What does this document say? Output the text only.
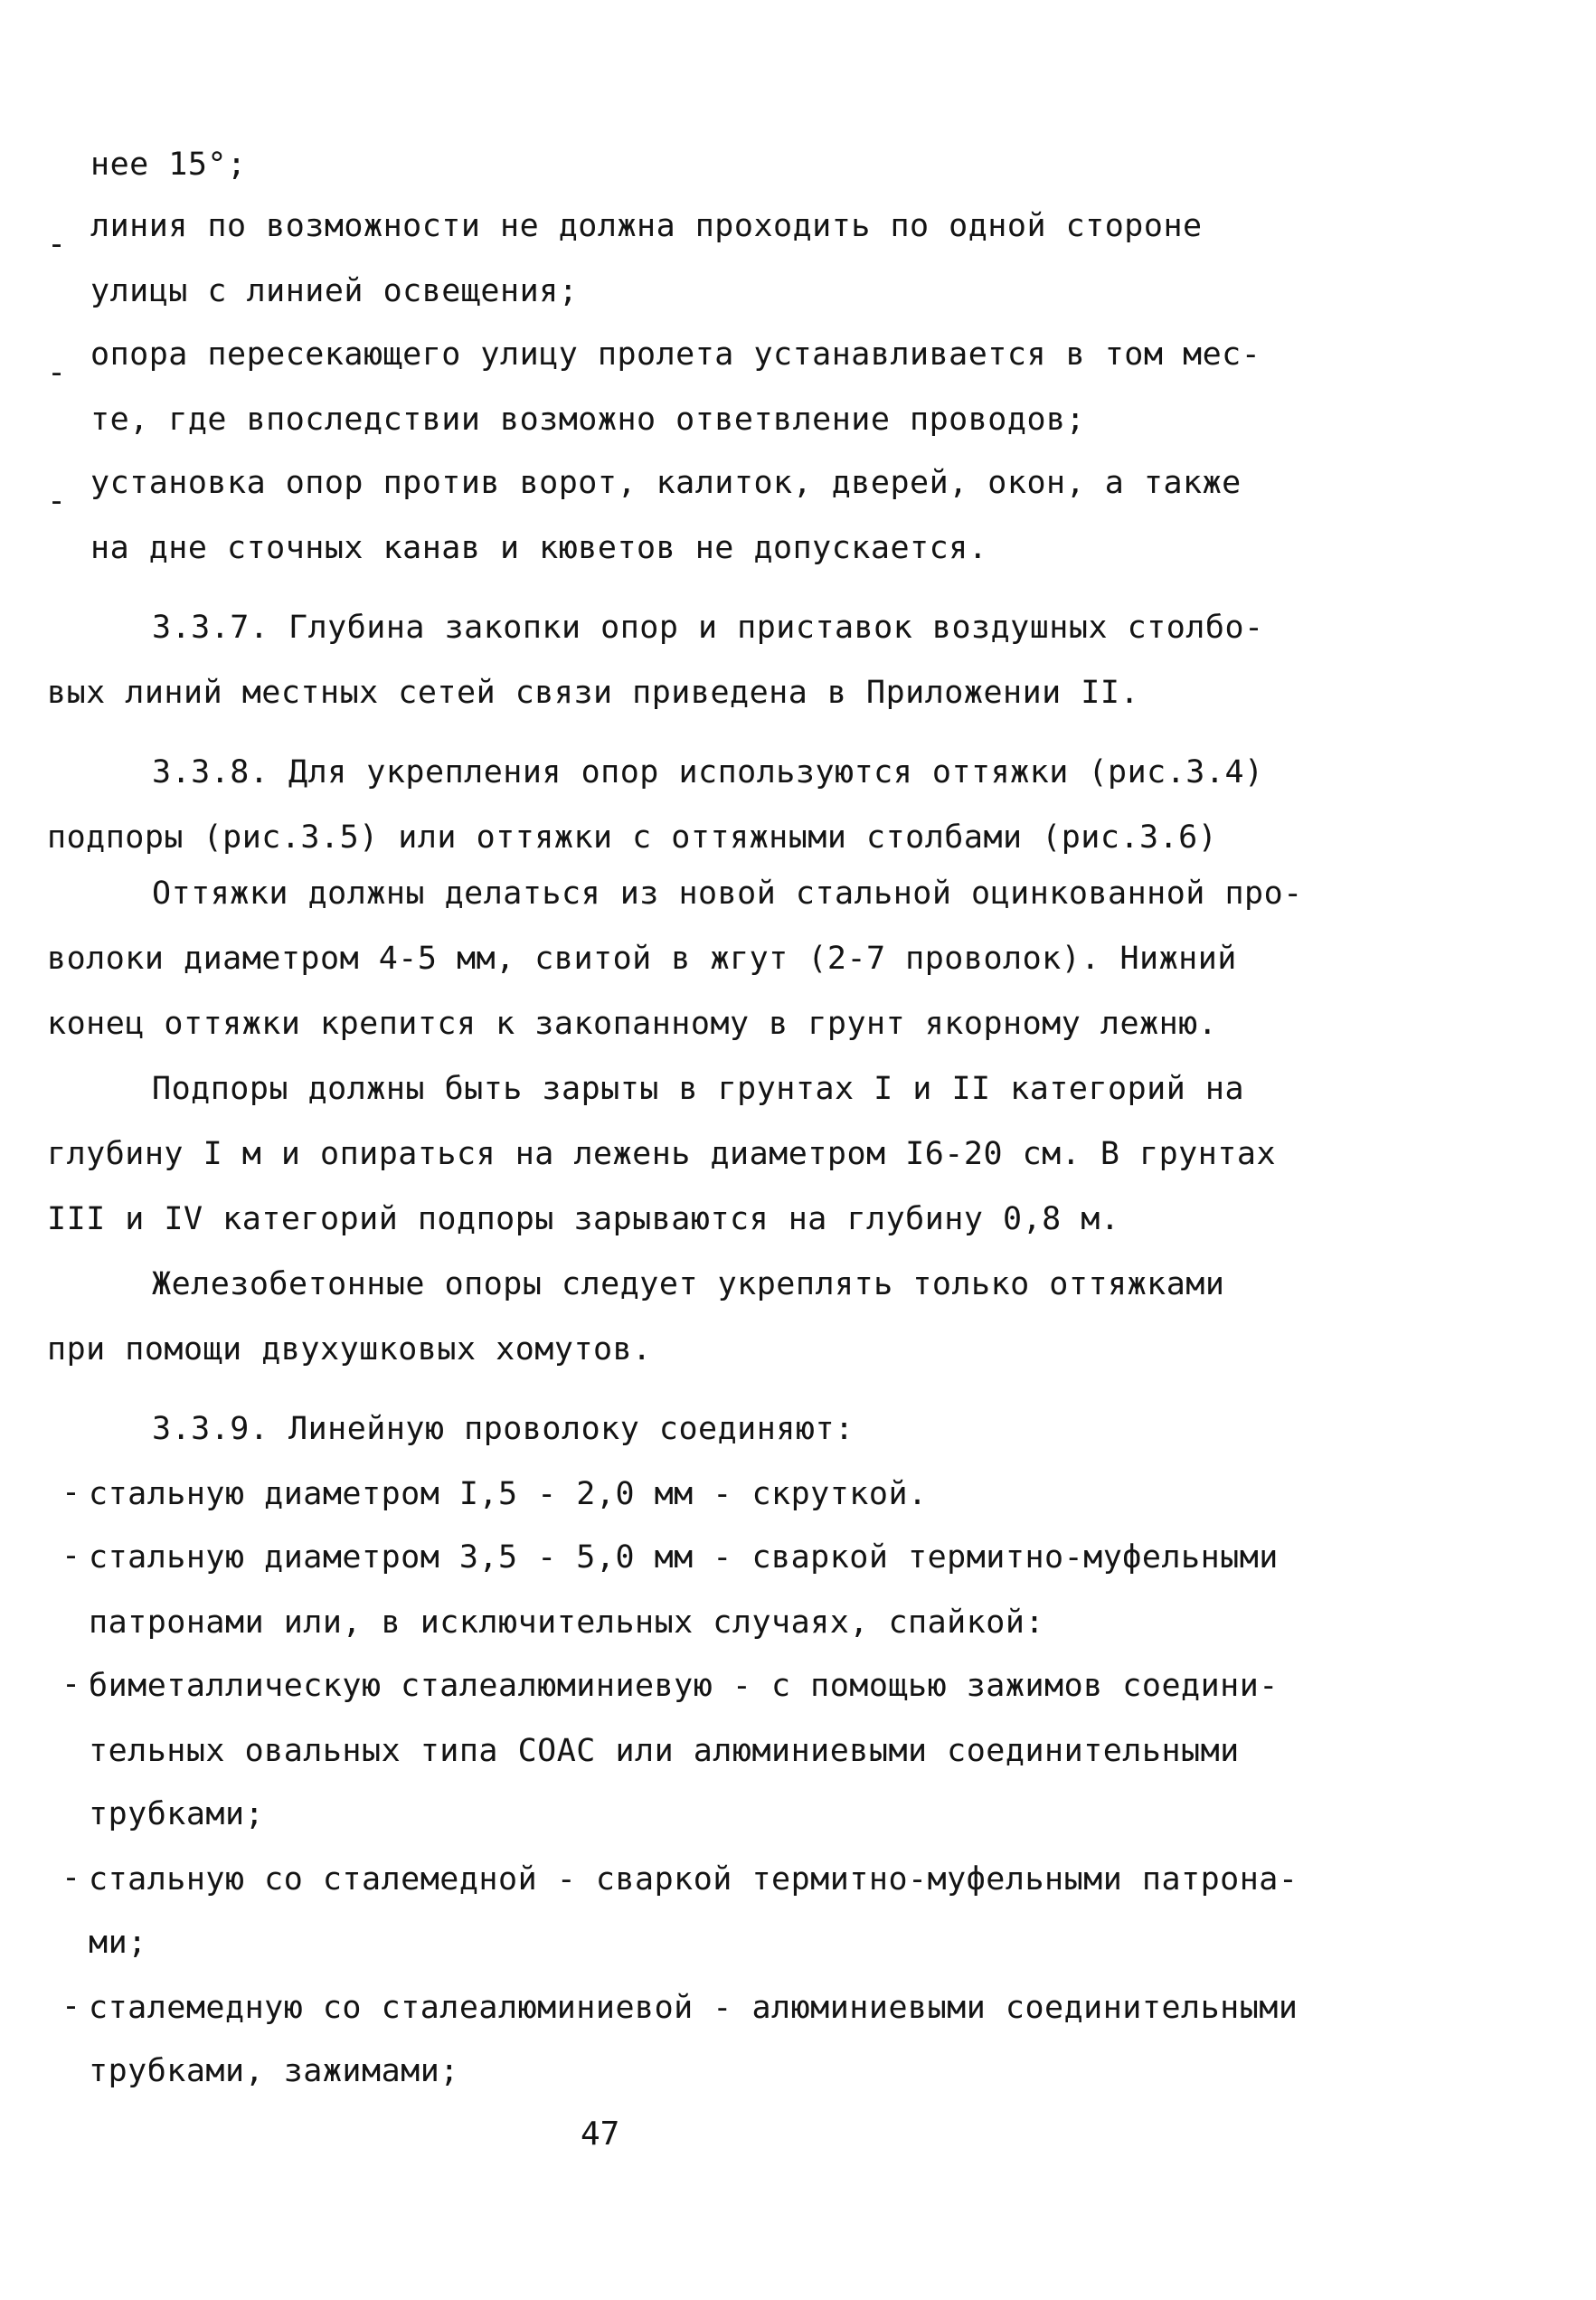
нее 15°;
- линия по возможности не должна проходить по одной стороне
улицы с линией освещения;
- опора пересекающего улицу пролета устанавливается в том мес-
те, где впоследствии возможно ответвление проводов;
- установка опор против ворот, калиток, дверей, окон, а также
на дне сточных канав и кюветов не допускается.
3.3.7. Глубина закопки опор и приставок воздушных столбо-
вых линий местных сетей связи приведена в Приложении II.
3.3.8. Для укрепления опор используются оттяжки (рис.3.4)
подпоры (рис.3.5) или оттяжки с оттяжными столбами (рис.3.6)
Оттяжки должны делаться из новой стальной оцинкованной про-
волоки диаметром 4-5 мм, свитой в жгут (2-7 проволок). Нижний
конец оттяжки крепится к закопанному в грунт якорному лежню.
Подпоры должны быть зарыты в грунтах I и II категорий на
глубину I м и опираться на лежень диаметром I6-20 см. В грунтах
III и IV категорий подпоры зарываются на глубину 0,8 м.
Железобетонные опоры следует укреплять только оттяжками
при помощи двухушковых хомутов.
3.3.9. Линейную проволоку соединяют:
- стальную диаметром I,5 - 2,0 мм - скруткой.
- стальную диаметром 3,5 - 5,0 мм - сваркой термитно-муфельными
патронами или, в исключительных случаях, спайкой:
- биметаллическую сталеалюминиевую - с помощью зажимов соедини-
тельных овальных типа СОАС или алюминиевыми соединительными
трубками;
- стальную со сталемедной - сваркой термитно-муфельными патрона-
ми;
- сталемедную со сталеалюминиевой - алюминиевыми соединительными
трубками, зажимами;
47
